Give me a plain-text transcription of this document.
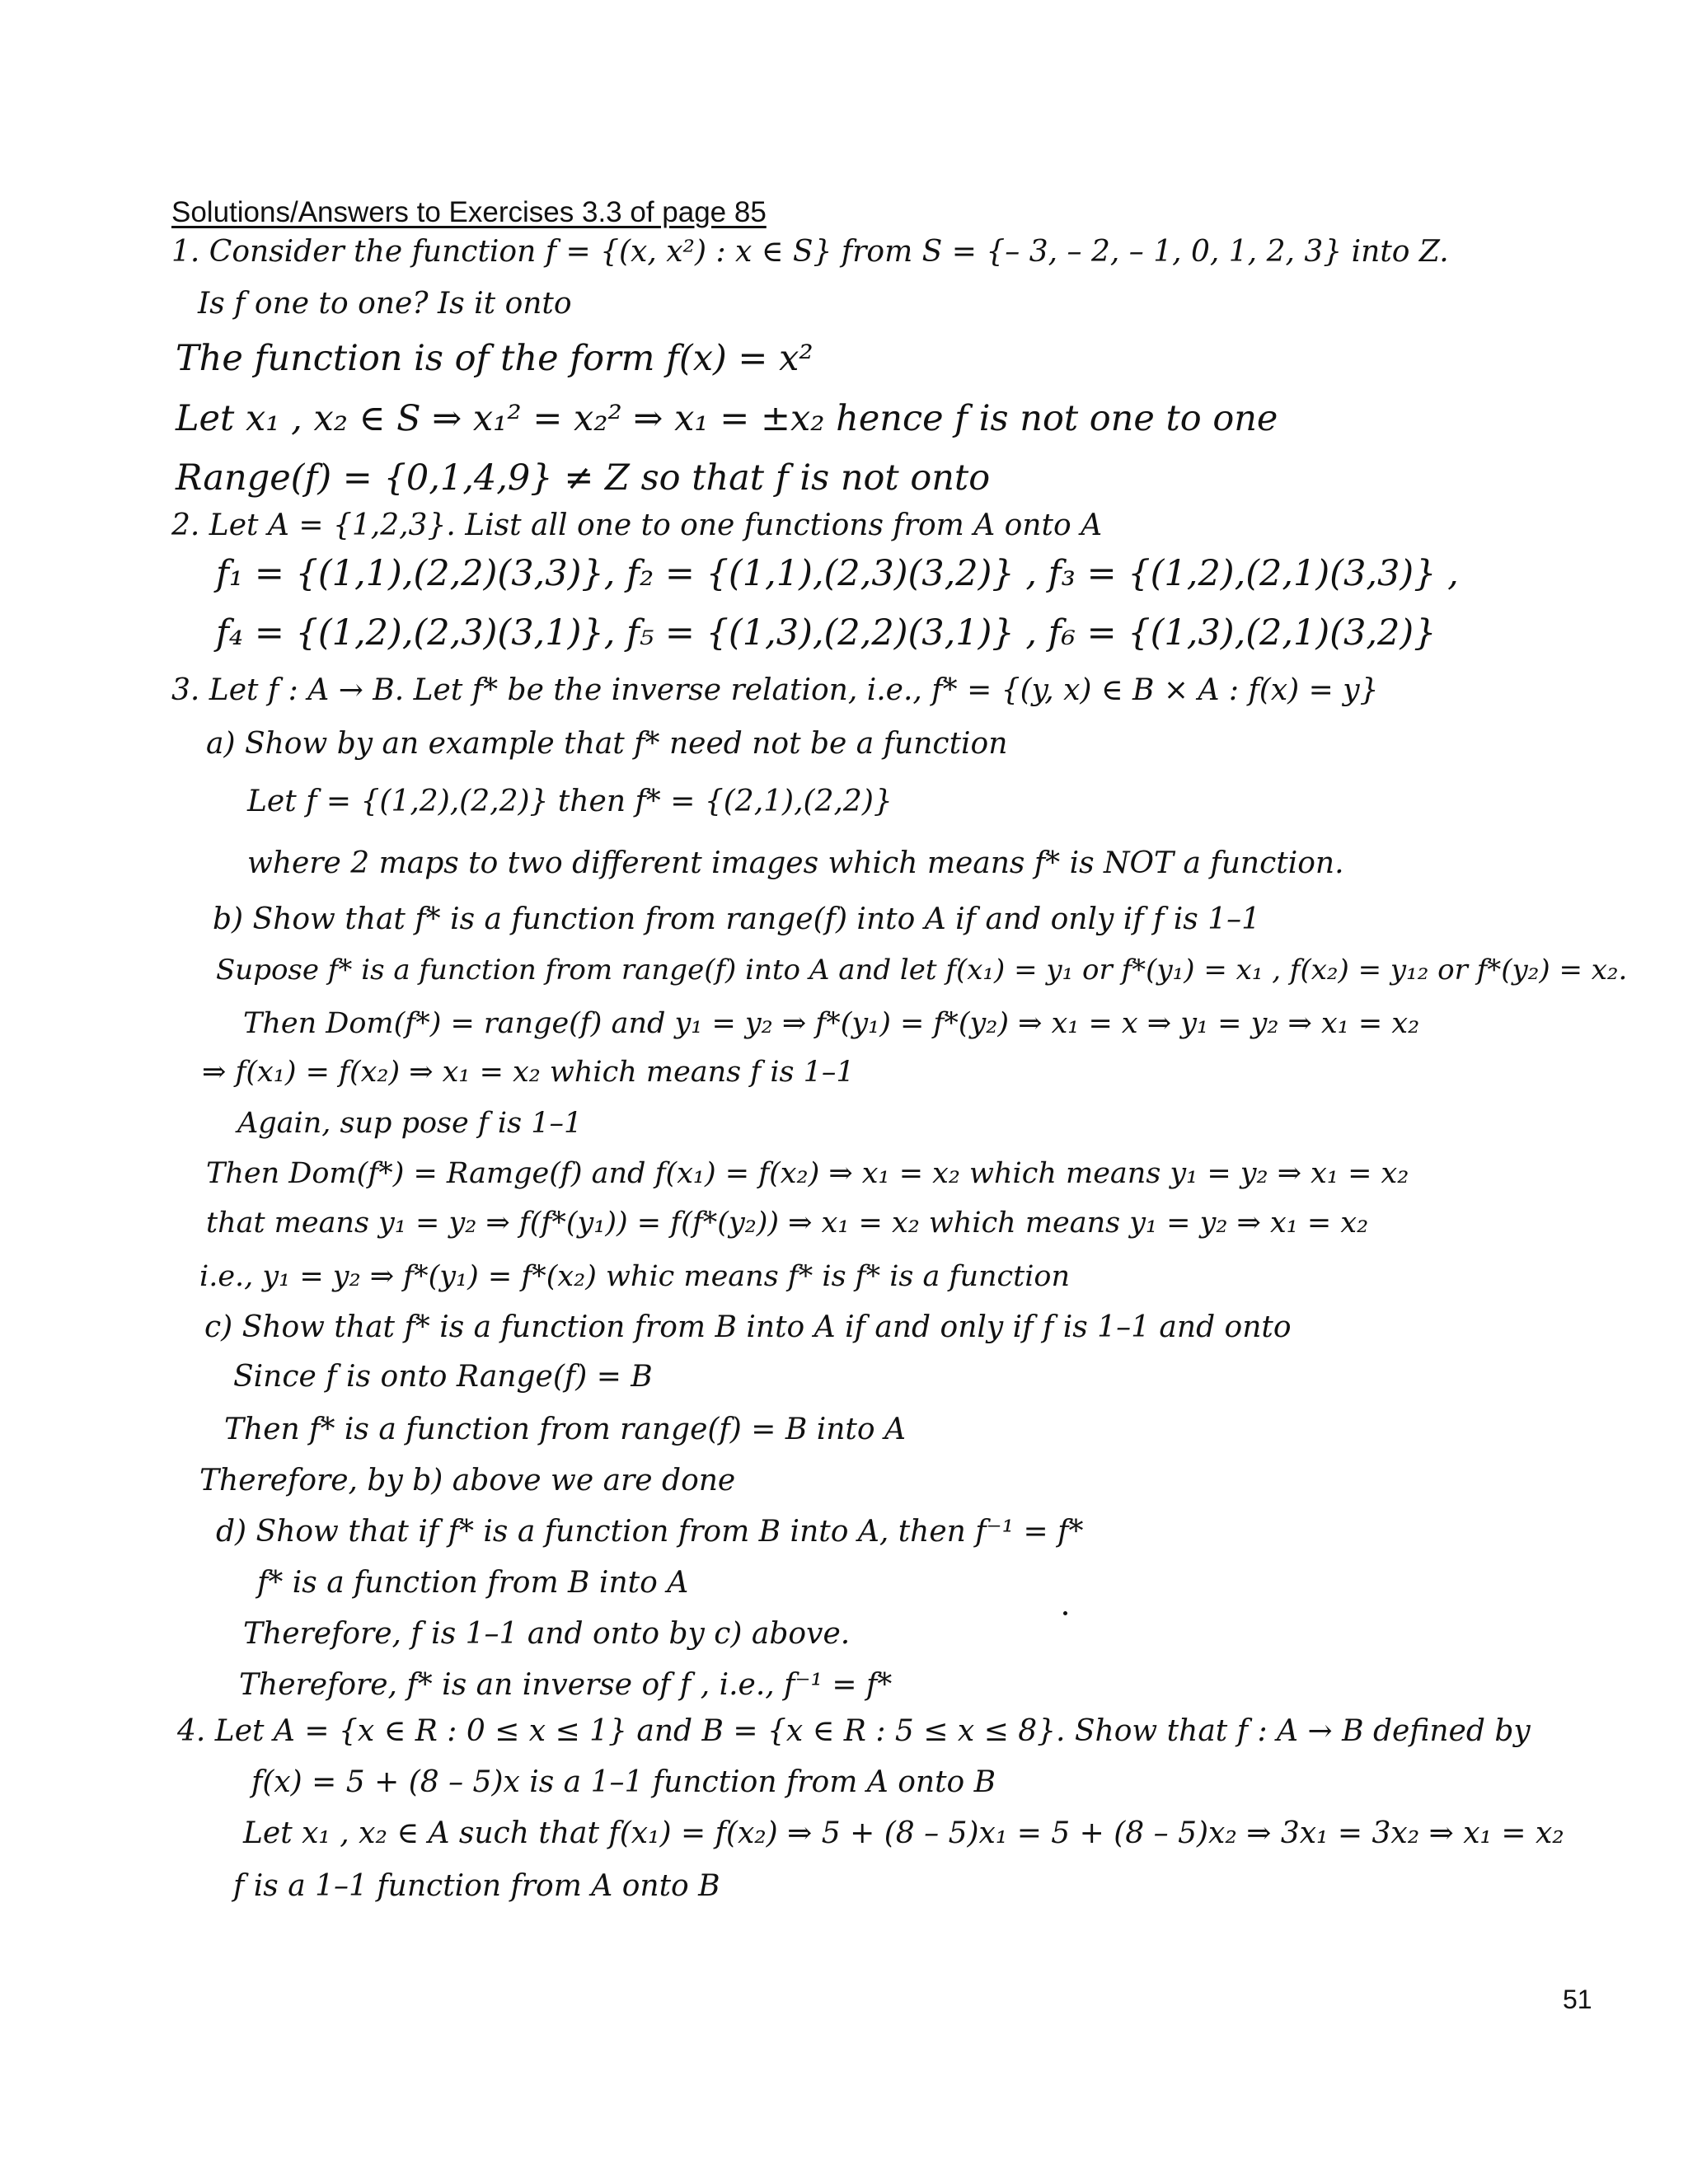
Solutions/Answers to Exercises 3.3 of page 85
1. Consider the function f = {(x, x²) : x ∈ S} from S = {– 3, – 2, – 1, 0, 1, 2, 3} into Z.
Is f one to one? Is it onto
The function is of the form f(x) = x²
Let x₁ , x₂ ∈ S ⇒ x₁² = x₂² ⇒ x₁ = ±x₂ hence f is not one to one
Range(f) = {0,1,4,9} ≠ Z so that f is not onto
2. Let A = {1,2,3}. List all one to one functions from A onto A
f₁ = {(1,1),(2,2)(3,3)}, f₂ = {(1,1),(2,3)(3,2)} , f₃ = {(1,2),(2,1)(3,3)} ,
f₄ = {(1,2),(2,3)(3,1)}, f₅ = {(1,3),(2,2)(3,1)} , f₆ = {(1,3),(2,1)(3,2)}
3. Let f : A → B. Let f* be the inverse relation, i.e., f* = {(y, x) ∈ B × A : f(x) = y}
a) Show by an example that f* need not be a function
Let f = {(1,2),(2,2)} then f* = {(2,1),(2,2)}
where 2 maps to two different images which means f* is NOT a function.
b) Show that f* is a function from range(f) into A if and only if f is 1–1
Supose f* is a function from range(f) into A and let f(x₁) = y₁ or f*(y₁) = x₁ , f(x₂) = y₁₂ or f*(y₂) = x₂.
Then Dom(f*) = range(f) and y₁ = y₂ ⇒ f*(y₁) = f*(y₂) ⇒ x₁ = x ⇒ y₁ = y₂ ⇒ x₁ = x₂
⇒ f(x₁) = f(x₂) ⇒ x₁ = x₂ which means f is 1–1
Again, sup pose f is 1–1
Then Dom(f*) = Ramge(f) and f(x₁) = f(x₂) ⇒ x₁ = x₂ which means y₁ = y₂ ⇒ x₁ = x₂
that means y₁ = y₂ ⇒ f(f*(y₁)) = f(f*(y₂)) ⇒ x₁ = x₂ which means y₁ = y₂ ⇒ x₁ = x₂
i.e., y₁ = y₂ ⇒ f*(y₁) = f*(x₂) whic means f* is f* is a function
c) Show that f* is a function from B into A if and only if f is 1–1 and onto
Since f is onto Range(f) = B
Then f* is a function from range(f) = B into A
Therefore, by b) above we are done
d) Show that if f* is a function from B into A, then f⁻¹ = f*
f* is a function from B into A
Therefore, f is 1–1 and onto by c) above.
Therefore, f* is an inverse of f , i.e., f⁻¹ = f*
4. Let A = {x ∈ R : 0 ≤ x ≤ 1} and B = {x ∈ R : 5 ≤ x ≤ 8}. Show that f : A → B defined by
f(x) = 5 + (8 – 5)x is a 1–1 function from A onto B
Let x₁ , x₂ ∈ A such that f(x₁) = f(x₂) ⇒ 5 + (8 – 5)x₁ = 5 + (8 – 5)x₂ ⇒ 3x₁ = 3x₂ ⇒ x₁ = x₂
f is a 1–1 function from A onto B
51
